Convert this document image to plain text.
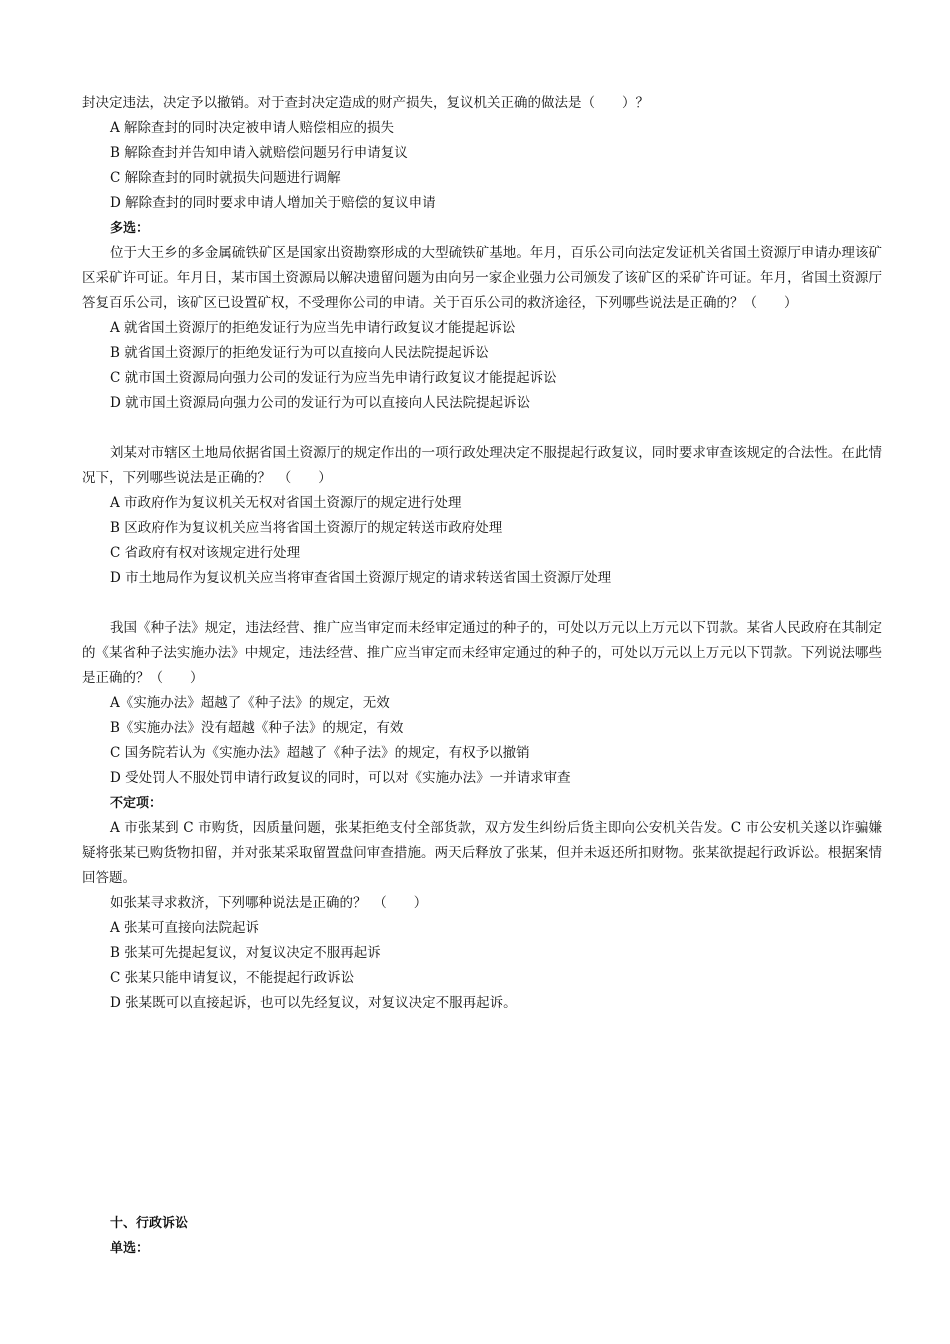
封决定违法，决定予以撤销。对于查封决定造成的财产损失，复议机关正确的做法是（　　）？

A 解除查封的同时决定被申请人赔偿相应的损失

B 解除查封并告知申请入就赔偿问题另行申请复议

C 解除查封的同时就损失问题进行调解

D 解除查封的同时要求申请人增加关于赔偿的复议申请

多选：

位于大王乡的多金属硫铁矿区是国家出资勘察形成的大型硫铁矿基地。年月，百乐公司向法定发证机关省国土资源厅申请办理该矿区采矿许可证。年月日，某市国土资源局以解决遗留问题为由向另一家企业强力公司颁发了该矿区的采矿许可证。年月，省国土资源厅答复百乐公司，该矿区已设置矿权，不受理你公司的申请。关于百乐公司的救济途径，下列哪些说法是正确的？（　　）

A 就省国土资源厅的拒绝发证行为应当先申请行政复议才能提起诉讼

B 就省国土资源厅的拒绝发证行为可以直接向人民法院提起诉讼

C 就市国土资源局向强力公司的发证行为应当先申请行政复议才能提起诉讼

D 就市国土资源局向强力公司的发证行为可以直接向人民法院提起诉讼

刘某对市辖区土地局依据省国土资源厅的规定作出的一项行政处理决定不服提起行政复议，同时要求审查该规定的合法性。在此情况下，下列哪些说法是正确的？　（　　）

A 市政府作为复议机关无权对省国土资源厅的规定进行处理

B 区政府作为复议机关应当将省国土资源厅的规定转送市政府处理

C 省政府有权对该规定进行处理

D 市土地局作为复议机关应当将审查省国土资源厅规定的请求转送省国土资源厅处理

我国《种子法》规定，违法经营、推广应当审定而未经审定通过的种子的，可处以万元以上万元以下罚款。某省人民政府在其制定的《某省种子法实施办法》中规定，违法经营、推广应当审定而未经审定通过的种子的，可处以万元以上万元以下罚款。下列说法哪些是正确的？（　　）

A《实施办法》超越了《种子法》的规定，无效

B《实施办法》没有超越《种子法》的规定，有效

C 国务院若认为《实施办法》超越了《种子法》的规定，有权予以撤销

D 受处罚人不服处罚申请行政复议的同时，可以对《实施办法》一并请求审查

不定项：

A 市张某到 C 市购货，因质量问题，张某拒绝支付全部货款，双方发生纠纷后货主即向公安机关告发。C 市公安机关遂以诈骗嫌疑将张某已购货物扣留，并对张某采取留置盘问审查措施。两天后释放了张某，但并未返还所扣财物。张某欲提起行政诉讼。根据案情回答题。

如张某寻求救济，下列哪种说法是正确的？　（　　）

A 张某可直接向法院起诉

B 张某可先提起复议，对复议决定不服再起诉

C 张某只能申请复议，不能提起行政诉讼

D 张某既可以直接起诉，也可以先经复议，对复议决定不服再起诉。

十、行政诉讼

单选：
